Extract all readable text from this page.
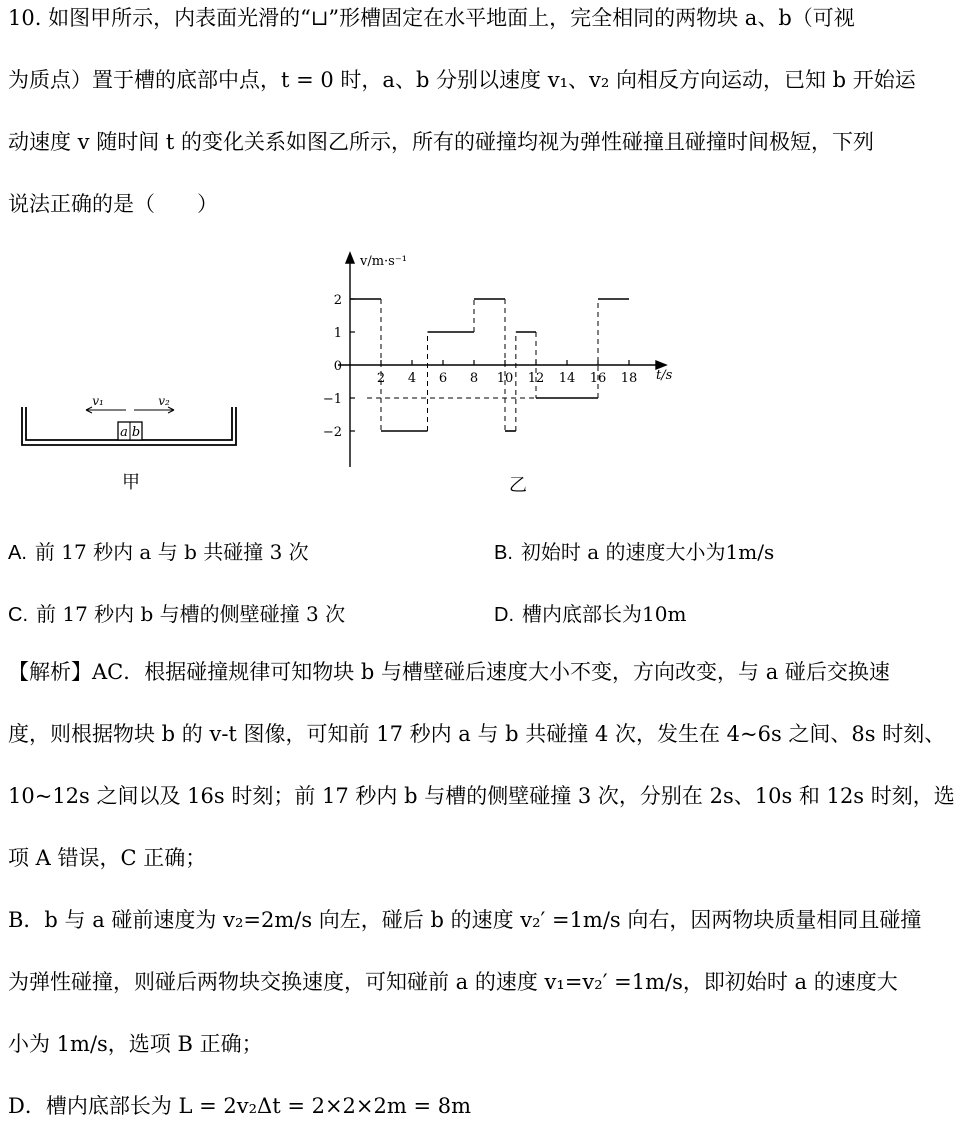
10. 如图甲所示，内表面光滑的“⊔”形槽固定在水平地面上，完全相同的两物块 a、b（可视
为质点）置于槽的底部中点，t = 0 时，a、b 分别以速度 v₁、v₂ 向相反方向运动，已知 b 开始运
动速度 v 随时间 t 的变化关系如图乙所示，所有的碰撞均视为弹性碰撞且碰撞时间极短，下列
说法正确的是（　　）
a b
v₁	v₂
甲
v/m·s⁻¹
t/s
2 4 6 8 10 12 14 16 18
2
1
0
−1
−2
乙
A. 前 17 秒内 a 与 b 共碰撞 3 次	B. 初始时 a 的速度大小为1m/s
C. 前 17 秒内 b 与槽的侧壁碰撞 3 次	D. 槽内底部长为10m
【解析】AC．根据碰撞规律可知物块 b 与槽壁碰后速度大小不变，方向改变，与 a 碰后交换速
度，则根据物块 b 的 v-t 图像，可知前 17 秒内 a 与 b 共碰撞 4 次，发生在 4~6s 之间、8s 时刻、
10~12s 之间以及 16s 时刻；前 17 秒内 b 与槽的侧壁碰撞 3 次，分别在 2s、10s 和 12s 时刻，选
项 A 错误，C 正确；
B．b 与 a 碰前速度为 v₂=2m/s 向左，碰后 b 的速度 v₂′ =1m/s 向右，因两物块质量相同且碰撞
为弹性碰撞，则碰后两物块交换速度，可知碰前 a 的速度 v₁=v₂′ =1m/s，即初始时 a 的速度大
小为 1m/s，选项 B 正确；
D．槽内底部长为 L = 2v₂Δt = 2×2×2m = 8m
